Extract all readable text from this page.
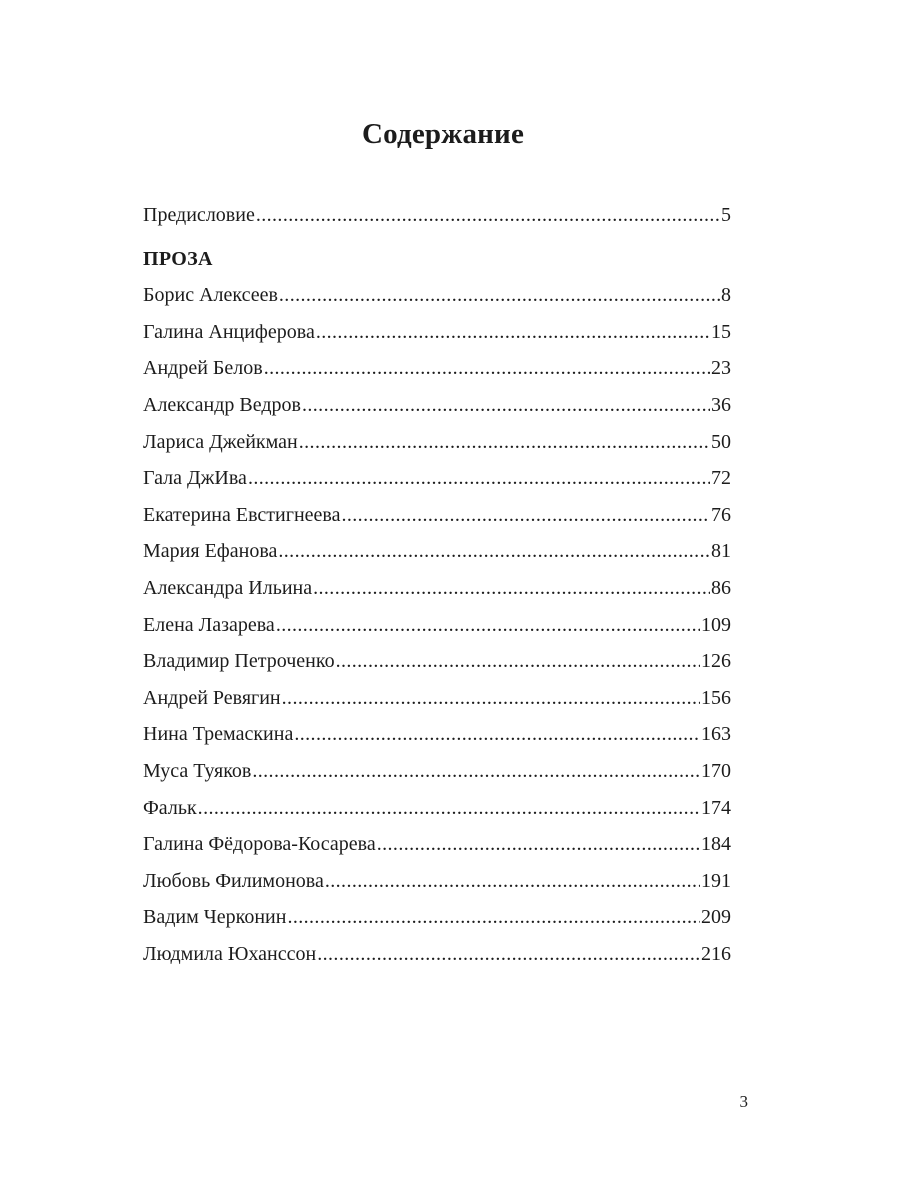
Содержание
Предисловие .....	5
ПРОЗА
Борис Алексеев .....	8
Галина Анциферова .....	15
Андрей Белов .....	23
Александр Ведров .....	36
Лариса Джейкман .....	50
Гала ДжИва .....	72
Екатерина Евстигнеева .....	76
Мария Ефанова .....	81
Александра Ильина .....	86
Елена Лазарева .....	109
Владимир Петроченко .....	126
Андрей Ревягин .....	156
Нина Тремаскина .....	163
Муса Туяков .....	170
Фальк .....	174
Галина Фёдорова-Косарева .....	184
Любовь Филимонова .....	191
Вадим Черконин .....	209
Людмила Юханссон .....	216
3
